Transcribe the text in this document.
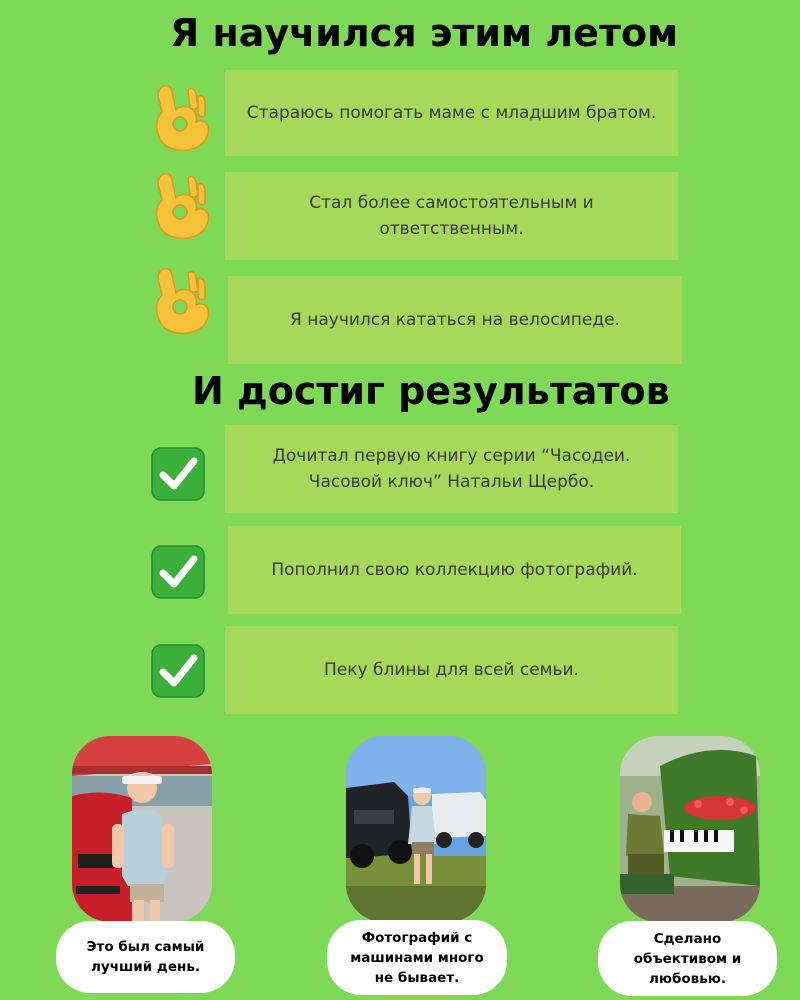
Я научился этим летом
И достиг результатов
Стараюсь помогать маме с младшим братом.
Стал более самостоятельным и ответственным.
Я научился кататься на велосипеде.
Дочитал первую книгу серии “Часодеи. Часовой ключ” Натальи Щербо.
Пополнил свою коллекцию фотографий.
Пеку блины для всей семьи.
Это был самый лучший день.
Фотографий с машинами много не бывает.
Сделано объективом и любовью.
